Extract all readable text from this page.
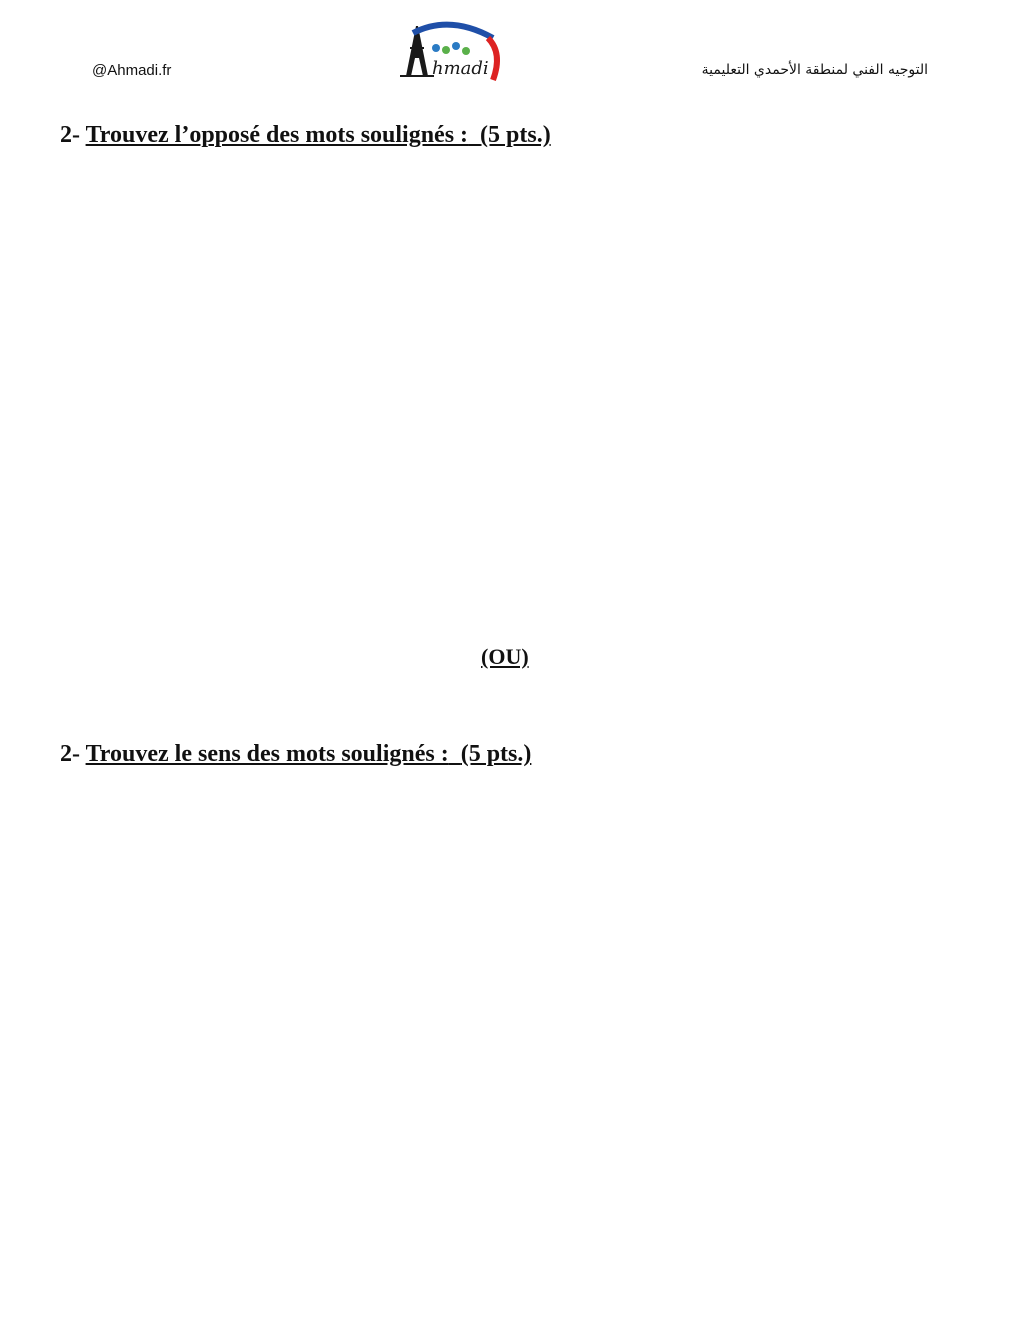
@Ahmadi.fr	hmadi	التوجيه الفني لمنطقة الأحمدي التعليمية
2- Trouvez l’opposé des mots soulignés : (5 pts.)
(OU)
2- Trouvez le sens des mots soulignés : (5 pts.)
